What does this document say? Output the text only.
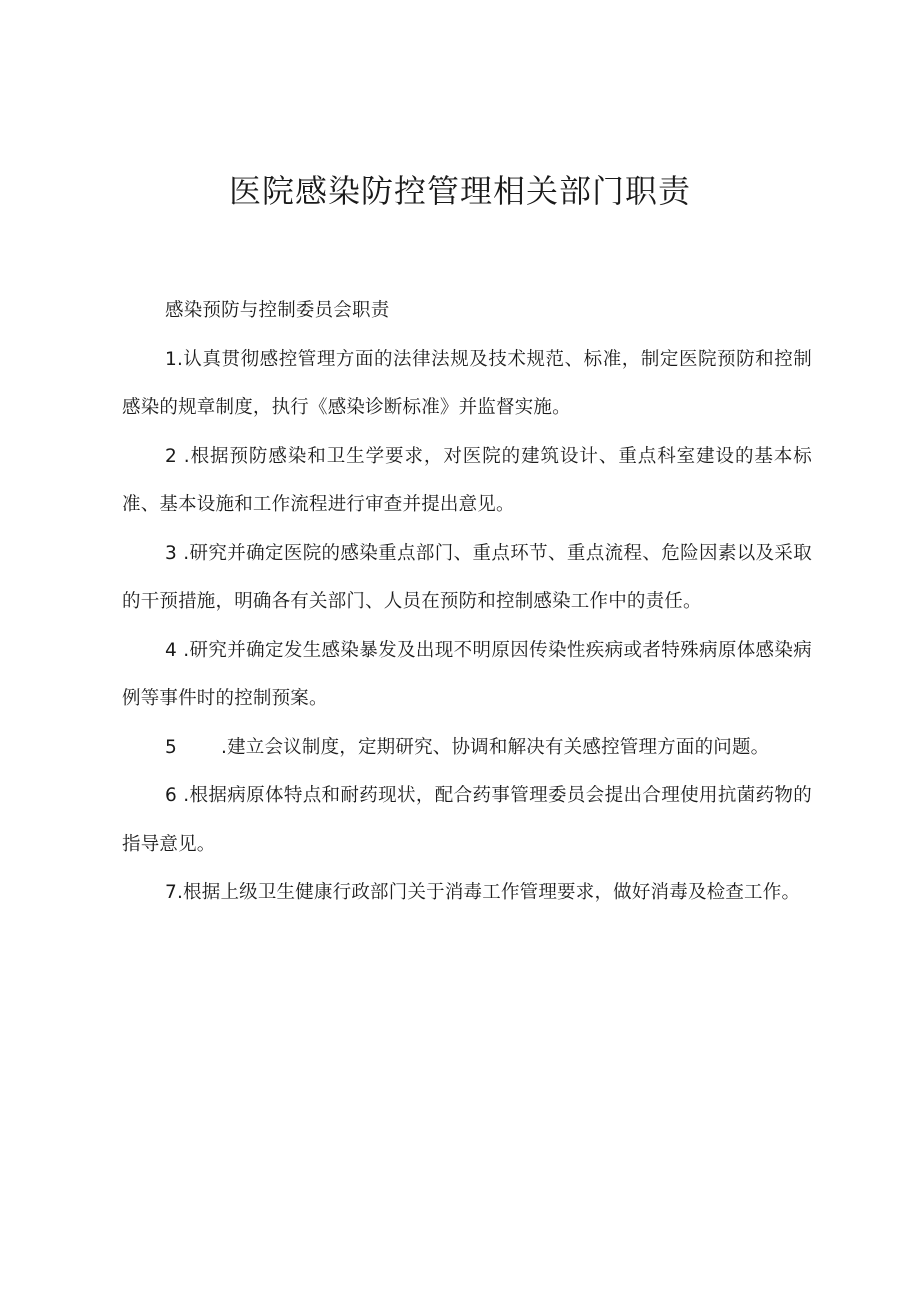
医院感染防控管理相关部门职责

感染预防与控制委员会职责

1.认真贯彻感控管理方面的法律法规及技术规范、标准，制定医院预防和控制感染的规章制度，执行《感染诊断标准》并监督实施。

2 .根据预防感染和卫生学要求，对医院的建筑设计、重点科室建设的基本标准、基本设施和工作流程进行审查并提出意见。

3 .研究并确定医院的感染重点部门、重点环节、重点流程、危险因素以及采取的干预措施，明确各有关部门、人员在预防和控制感染工作中的责任。

4 .研究并确定发生感染暴发及出现不明原因传染性疾病或者特殊病原体感染病例等事件时的控制预案。

5 .建立会议制度，定期研究、协调和解决有关感控管理方面的问题。

6 .根据病原体特点和耐药现状，配合药事管理委员会提出合理使用抗菌药物的指导意见。

7.根据上级卫生健康行政部门关于消毒工作管理要求，做好消毒及检查工作。
